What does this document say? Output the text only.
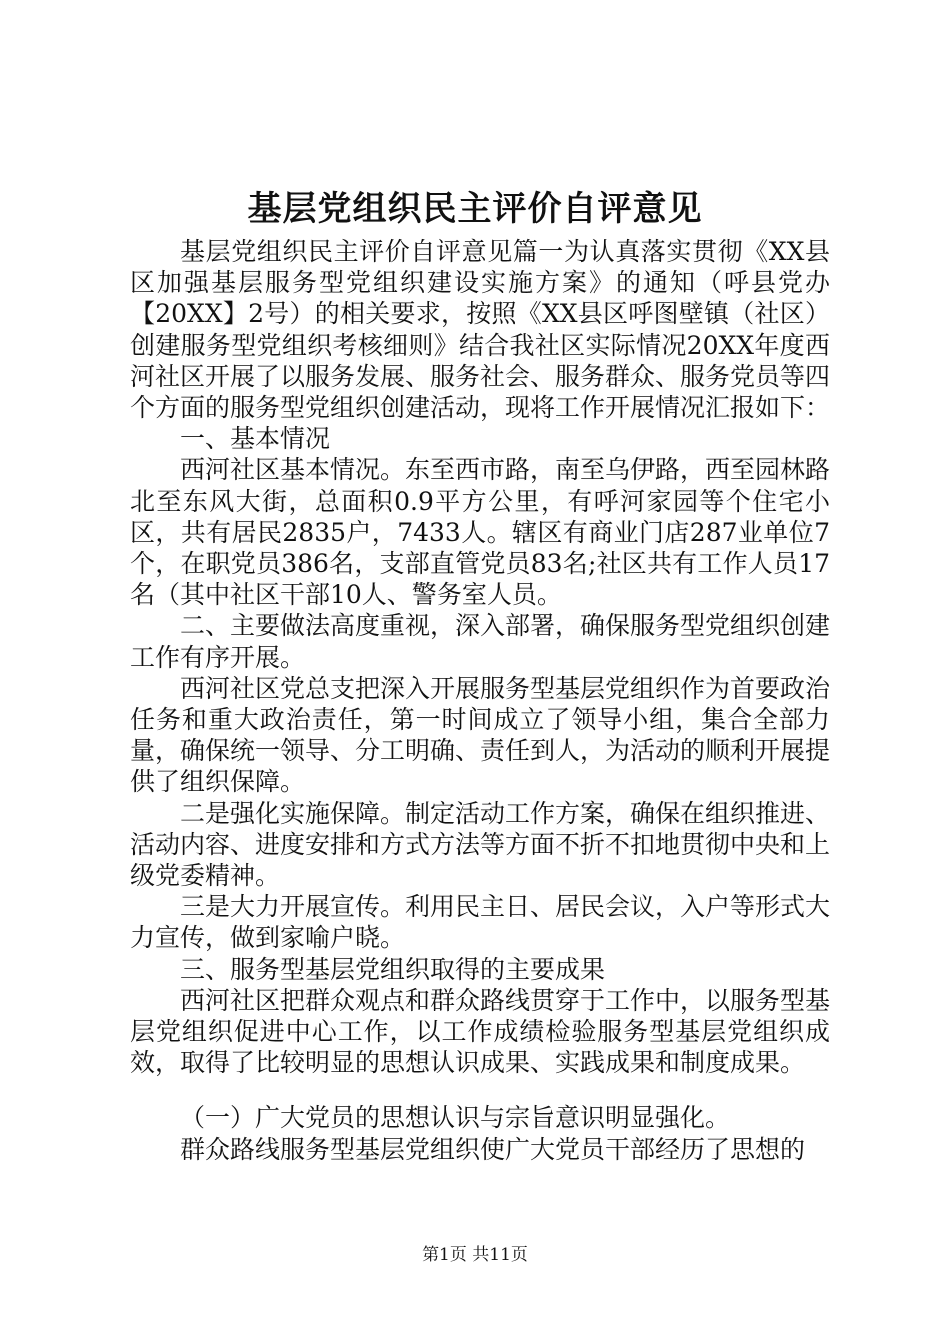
基层党组织民主评价自评意见

基层党组织民主评价自评意见篇一为认真落实贯彻《XX县区加强基层服务型党组织建设实施方案》的通知（呼县党办【20XX】2号）的相关要求，按照《XX县区呼图壁镇（社区）创建服务型党组织考核细则》结合我社区实际情况20XX年度西河社区开展了以服务发展、服务社会、服务群众、服务党员等四个方面的服务型党组织创建活动，现将工作开展情况汇报如下：

一、基本情况

西河社区基本情况。东至西市路，南至乌伊路，西至园林路北至东风大街，总面积0.9平方公里，有呼河家园等个住宅小区，共有居民2835户，7433人。辖区有商业门店287业单位7个，在职党员386名，支部直管党员83名;社区共有工作人员17名（其中社区干部10人、警务室人员。

二、主要做法高度重视，深入部署，确保服务型党组织创建工作有序开展。

西河社区党总支把深入开展服务型基层党组织作为首要政治任务和重大政治责任，第一时间成立了领导小组，集合全部力量，确保统一领导、分工明确、责任到人，为活动的顺利开展提供了组织保障。

二是强化实施保障。制定活动工作方案，确保在组织推进、活动内容、进度安排和方式方法等方面不折不扣地贯彻中央和上级党委精神。

三是大力开展宣传。利用民主日、居民会议，入户等形式大力宣传，做到家喻户晓。

三、服务型基层党组织取得的主要成果

西河社区把群众观点和群众路线贯穿于工作中，以服务型基层党组织促进中心工作，以工作成绩检验服务型基层党组织成效，取得了比较明显的思想认识成果、实践成果和制度成果。

（一）广大党员的思想认识与宗旨意识明显强化。

群众路线服务型基层党组织使广大党员干部经历了思想的

第1页 共11页
